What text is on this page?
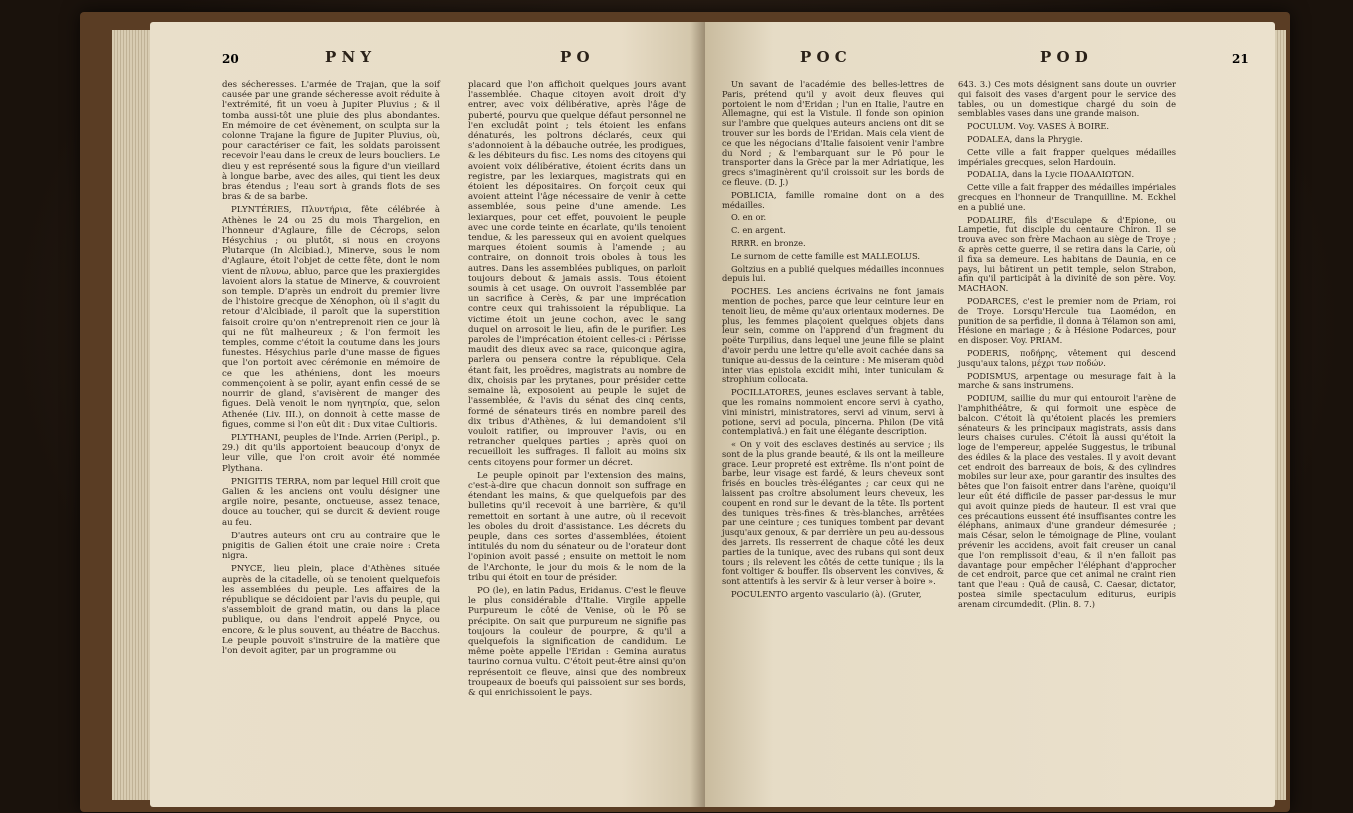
20	P N Y	P O

des sécheresses. L'armée de Trajan, que la soif causée par une grande sécheresse avoit réduite à l'extrémité, fit un voeu à Jupiter Pluvius ; & il tomba aussi-tôt une pluie des plus abondantes. En mémoire de cet évènement, on sculpta sur la colonne Trajane la figure de Jupiter Pluvius, où, pour caractériser ce fait, les soldats paroissent recevoir l'eau dans le creux de leurs boucliers. Le dieu y est représenté sous la figure d'un vieillard à longue barbe, avec des ailes, qui tient les deux bras étendus ; l'eau sort à grands flots de ses bras & de sa barbe.

PLYNTÉRIES, Πλυντήρια, fête célébrée à Athènes le 24 ou 25 du mois Thargelion, en l'honneur d'Aglaure, fille de Cécrops, selon Hésychius ; ou plutôt, si nous en croyons Plutarque (In Alcibiad.), Minerve, sous le nom d'Aglaure, étoit l'objet de cette fête, dont le nom vient de πλυνω, abluo, parce que les praxiergides lavoient alors la statue de Minerve, & couvroient son temple. D'après un endroit du premier livre de l'histoire grecque de Xénophon, où il s'agit du retour d'Alcibiade, il paroît que la superstition faisoit croire qu'on n'entreprenoit rien ce jour là qui ne fût malheureux ; & l'on fermoit les temples, comme c'étoit la coutume dans les jours funestes. Hésychius parle d'une masse de figues que l'on portoit avec cérémonie en mémoire de ce que les athéniens, dont les moeurs commençoient à se polir, ayant enfin cessé de se nourrir de gland, s'avisèrent de manger des figues. Delà venoit le nom ηγητηρία, que, selon Athenée (Liv. III.), on donnoit à cette masse de figues, comme si l'on eût dit : Dux vitae Cultioris.

PLYTHANI, peuples de l'Inde. Arrien (Peripl., p. 29.) dit qu'ils apportoient beaucoup d'onyx de leur ville, que l'on croit avoir été nommée Plythana.

PNIGITIS TERRA, nom par lequel Hill croit que Galien & les anciens ont voulu désigner une argile noire, pesante, onctueuse, assez tenace, douce au toucher, qui se durcit & devient rouge au feu.

D'autres auteurs ont cru au contraire que le pnigitis de Galien étoit une craie noire : Creta nigra.

PNYCE, lieu plein, place d'Athènes située auprès de la citadelle, où se tenoient quelquefois les assemblées du peuple. Les affaires de la république se décidoient par l'avis du peuple, qui s'assembloit de grand matin, ou dans la place publique, ou dans l'endroit appelé Pnyce, ou encore, & le plus souvent, au théatre de Bacchus. Le peuple pouvoit s'instruire de la matière que l'on devoit agiter, par un programme ou

placard que l'on affichoit quelques jours avant l'assemblée. Chaque citoyen avoit droit d'y entrer, avec voix délibérative, après l'âge de puberté, pourvu que quelque défaut personnel ne l'en excludât point ; tels étoient les enfans dénaturés, les poltrons déclarés, ceux qui s'adonnoient à la débauche outrée, les prodigues, & les débiteurs du fisc. Les noms des citoyens qui avoient voix délibérative, étoient écrits dans un registre, par les lexiarques, magistrats qui en étoient les dépositaires. On forçoit ceux qui avoient atteint l'âge nécessaire de venir à cette assemblée, sous peine d'une amende. Les lexiarques, pour cet effet, pouvoient le peuple avec une corde teinte en écarlate, qu'ils tenoient tendue, & les paresseux qui en avoient quelques marques étoient soumis à l'amende ; au contraire, on donnoit trois oboles à tous les autres. Dans les assemblées publiques, on parloit toujours debout & jamais assis. Tous étoient soumis à cet usage. On ouvroit l'assemblée par un sacrifice à Cerès, & par une imprécation contre ceux qui trahissoient la république. La victime étoit un jeune cochon, avec le sang duquel on arrosoit le lieu, afin de le purifier. Les paroles de l'imprécation étoient celles-ci : Périsse maudit des dieux avec sa race, quiconque agira, parlera ou pensera contre la république. Cela étant fait, les proëdres, magistrats au nombre de dix, choisis par les prytanes, pour présider cette semaine là, exposoient au peuple le sujet de l'assemblée, & l'avis du sénat des cinq cents, formé de sénateurs tirés en nombre pareil des dix tribus d'Athènes, & lui demandoient s'il vouloit ratifier, ou improuver l'avis, ou en retrancher quelques parties ; après quoi on recueilloit les suffrages. Il falloit au moins six cents citoyens pour former un décret.

Le peuple opinoit par l'extension des mains, c'est-à-dire que chacun donnoit son suffrage en étendant les mains, & que quelquefois par des bulletins qu'il recevoit à une barrière, & qu'il remettoit en sortant à une autre, où il recevoit les oboles du droit d'assistance. Les décrets du peuple, dans ces sortes d'assemblées, étoient intitulés du nom du sénateur ou de l'orateur dont l'opinion avoit passé ; ensuite on mettoit le nom de l'Archonte, le jour du mois & le nom de la tribu qui étoit en tour de présider.

PO (le), en latin Padus, Eridanus. C'est le fleuve le plus considérable d'Italie. Virgile appelle Purpureum le côté de Venise, où le Pô se précipite. On sait que purpureum ne signifie pas toujours la couleur de pourpre, & qu'il a quelquefois la signification de candidum. Le même poète appelle l'Eridan : Gemina auratus taurino cornua vultu. C'étoit peut-être ainsi qu'on représentoit ce fleuve, ainsi que des nombreux troupeaux de boeufs qui paissoient sur ses bords, & qui enrichissoient le pays.

P O C	P O D	21

Un savant de l'académie des belles-lettres de Paris, prétend qu'il y avoit deux fleuves qui portoient le nom d'Eridan ; l'un en Italie, l'autre en Allemagne, qui est la Vistule. Il fonde son opinion sur l'ambre que quelques auteurs anciens ont dit se trouver sur les bords de l'Eridan. Mais cela vient de ce que les négocians d'Italie faisoient venir l'ambre du Nord ; & l'embarquant sur le Pô pour le transporter dans la Grèce par la mer Adriatique, les grecs s'imaginèrent qu'il croissoit sur les bords de ce fleuve. (D. J.)

POBLICIA, famille romaine dont on a des médailles.

O. en or.

C. en argent.

RRRR. en bronze.

Le surnom de cette famille est MALLEOLUS.

Goltzius en a publié quelques médailles inconnues depuis lui.

POCHES. Les anciens écrivains ne font jamais mention de poches, parce que leur ceinture leur en tenoit lieu, de même qu'aux orientaux modernes. De plus, les femmes plaçoient quelques objets dans leur sein, comme on l'apprend d'un fragment du poëte Turpilius, dans lequel une jeune fille se plaint d'avoir perdu une lettre qu'elle avoit cachée dans sa tunique au-dessus de la ceinture : Me miseram quòd inter vias epistola excidit mihi, inter tuniculam & strophium collocata.

POCILLATORES, jeunes esclaves servant à table, que les romains nommoient encore servi à cyatho, vini ministri, ministratores, servi ad vinum, servi à potione, servi ad pocula, pincerna. Philon (De vitâ contemplativâ.) en fait une élégante description.

« On y voit des esclaves destinés au service ; ils sont de la plus grande beauté, & ils ont la meilleure grace. Leur propreté est extrême. Ils n'ont point de barbe, leur visage est fardé, & leurs cheveux sont frisés en boucles très-élégantes ; car ceux qui ne laissent pas croître absolument leurs cheveux, les coupent en rond sur le devant de la tête. Ils portent des tuniques très-fines & très-blanches, arrêtées par une ceinture ; ces tuniques tombent par devant jusqu'aux genoux, & par derrière un peu au-dessous des jarrets. Ils resserrent de chaque côté les deux parties de la tunique, avec des rubans qui sont deux tours ; ils relevent les côtés de cette tunique ; ils la font voltiger & bouffer. Ils observent les convives, & sont attentifs à les servir & à leur verser à boire ».

POCULENTO argento vasculario (à). (Gruter,

643. 3.) Ces mots désignent sans doute un ouvrier qui faisoit des vases d'argent pour le service des tables, ou un domestique chargé du soin de semblables vases dans une grande maison.

POCULUM. Voy. VASES À BOIRE.

PODALEA, dans la Phrygie.

Cette ville a fait frapper quelques médailles impériales grecques, selon Hardouin.

PODALIA, dans la Lycie ΠΟΔΑΛΙΩΤΩΝ.

Cette ville a fait frapper des médailles impériales grecques en l'honneur de Tranquilline. M. Eckhel en a publié une.

PODALIRE, fils d'Esculape & d'Epione, ou Lampetie, fut disciple du centaure Chiron. Il se trouva avec son frère Machaon au siège de Troye ; & après cette guerre, il se retira dans la Carie, où il fixa sa demeure. Les habitans de Daunia, en ce pays, lui bâtirent un petit temple, selon Strabon, afin qu'il participât à la divinité de son père. Voy. MACHAON.

PODARCES, c'est le premier nom de Priam, roi de Troye. Lorsqu'Hercule tua Laomédon, en punition de sa perfidie, il donna à Télamon son ami, Hésione en mariage ; & à Hésione Podarces, pour en disposer. Voy. PRIAM.

PODERIS, ποδήρης, vêtement qui descend jusqu'aux talons, μέχρι των ποδών.

PODISMUS, arpentage ou mesurage fait à la marche & sans instrumens.

PODIUM, saillie du mur qui entouroit l'arène de l'amphithéâtre, & qui formoit une espèce de balcon. C'étoit là qu'étoient placés les premiers sénateurs & les principaux magistrats, assis dans leurs chaises curules. C'étoit là aussi qu'étoit la loge de l'empereur, appelée Suggestus, le tribunal des édiles & la place des vestales. Il y avoit devant cet endroit des barreaux de bois, & des cylindres mobiles sur leur axe, pour garantir des insultes des bêtes que l'on faisoit entrer dans l'arène, quoiqu'il leur eût été difficile de passer par-dessus le mur qui avoit quinze pieds de hauteur. Il est vrai que ces précautions eussent été insuffisantes contre les éléphans, animaux d'une grandeur démesurée ; mais César, selon le témoignage de Pline, voulant prévenir les accidens, avoit fait creuser un canal que l'on remplissoit d'eau, & il n'en falloit pas davantage pour empêcher l'éléphant d'approcher de cet endroit, parce que cet animal ne craint rien tant que l'eau : Quâ de causâ, C. Caesar, dictator, postea simile spectaculum editurus, euripis arenam circumdedit. (Plin. 8. 7.)
